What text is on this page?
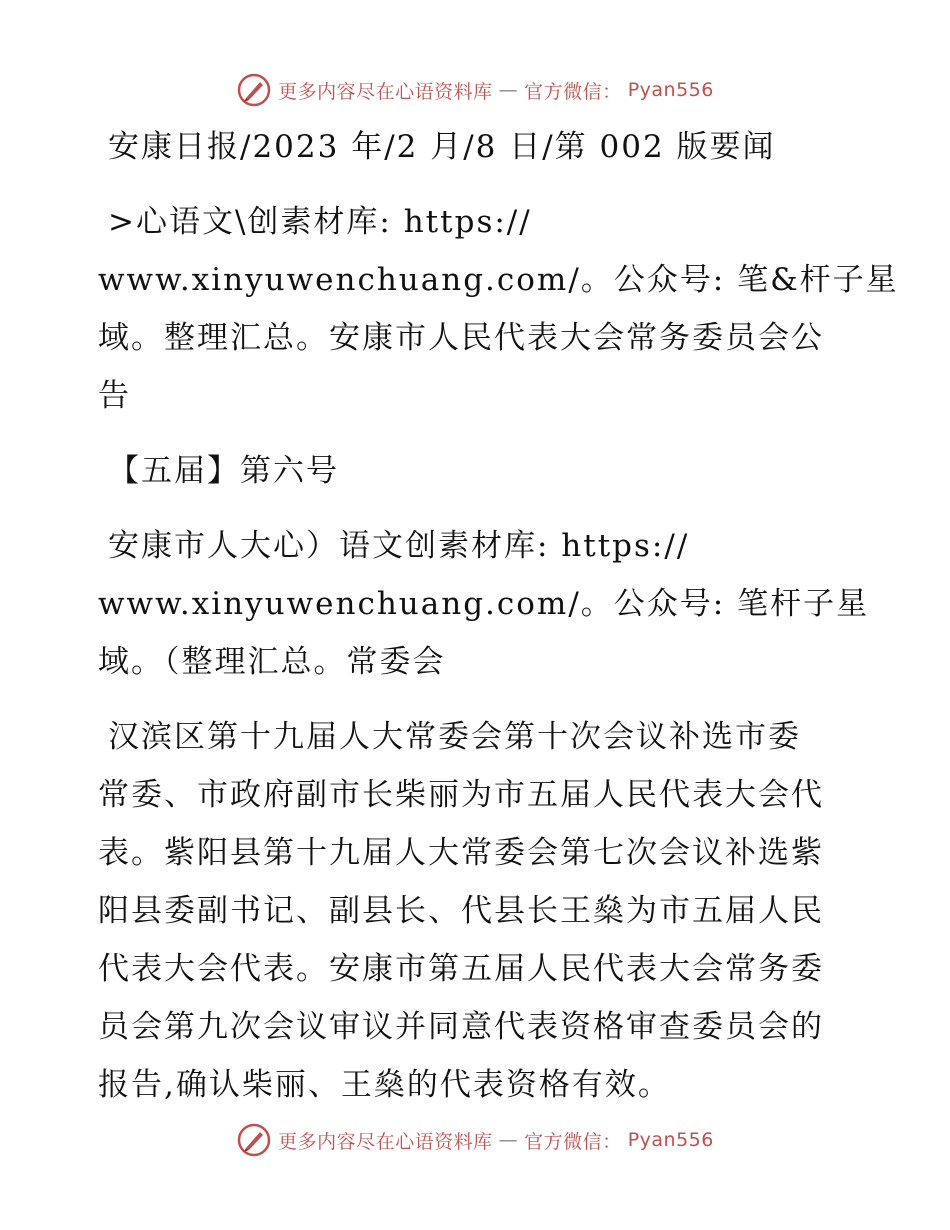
更多内容尽在心语资料库 — 官方微信： Pyan556
安康日报/2023 年/2 月/8 日/第 002 版要闻
>心语文\创素材库: https://
www.xinyuwenchuang.com/。公众号: 笔&杆子星
域。整理汇总。安康市人民代表大会常务委员会公
告
【五届】第六号
安康市人大心）语文创素材库: https://
www.xinyuwenchuang.com/。公众号: 笔杆子星
域。（整理汇总。常委会
汉滨区第十九届人大常委会第十次会议补选市委
常委、市政府副市长柴丽为市五届人民代表大会代
表。紫阳县第十九届人大常委会第七次会议补选紫
阳县委副书记、副县长、代县长王燊为市五届人民
代表大会代表。安康市第五届人民代表大会常务委
员会第九次会议审议并同意代表资格审查委员会的
报告,确认柴丽、王燊的代表资格有效。
更多内容尽在心语资料库 — 官方微信： Pyan556
